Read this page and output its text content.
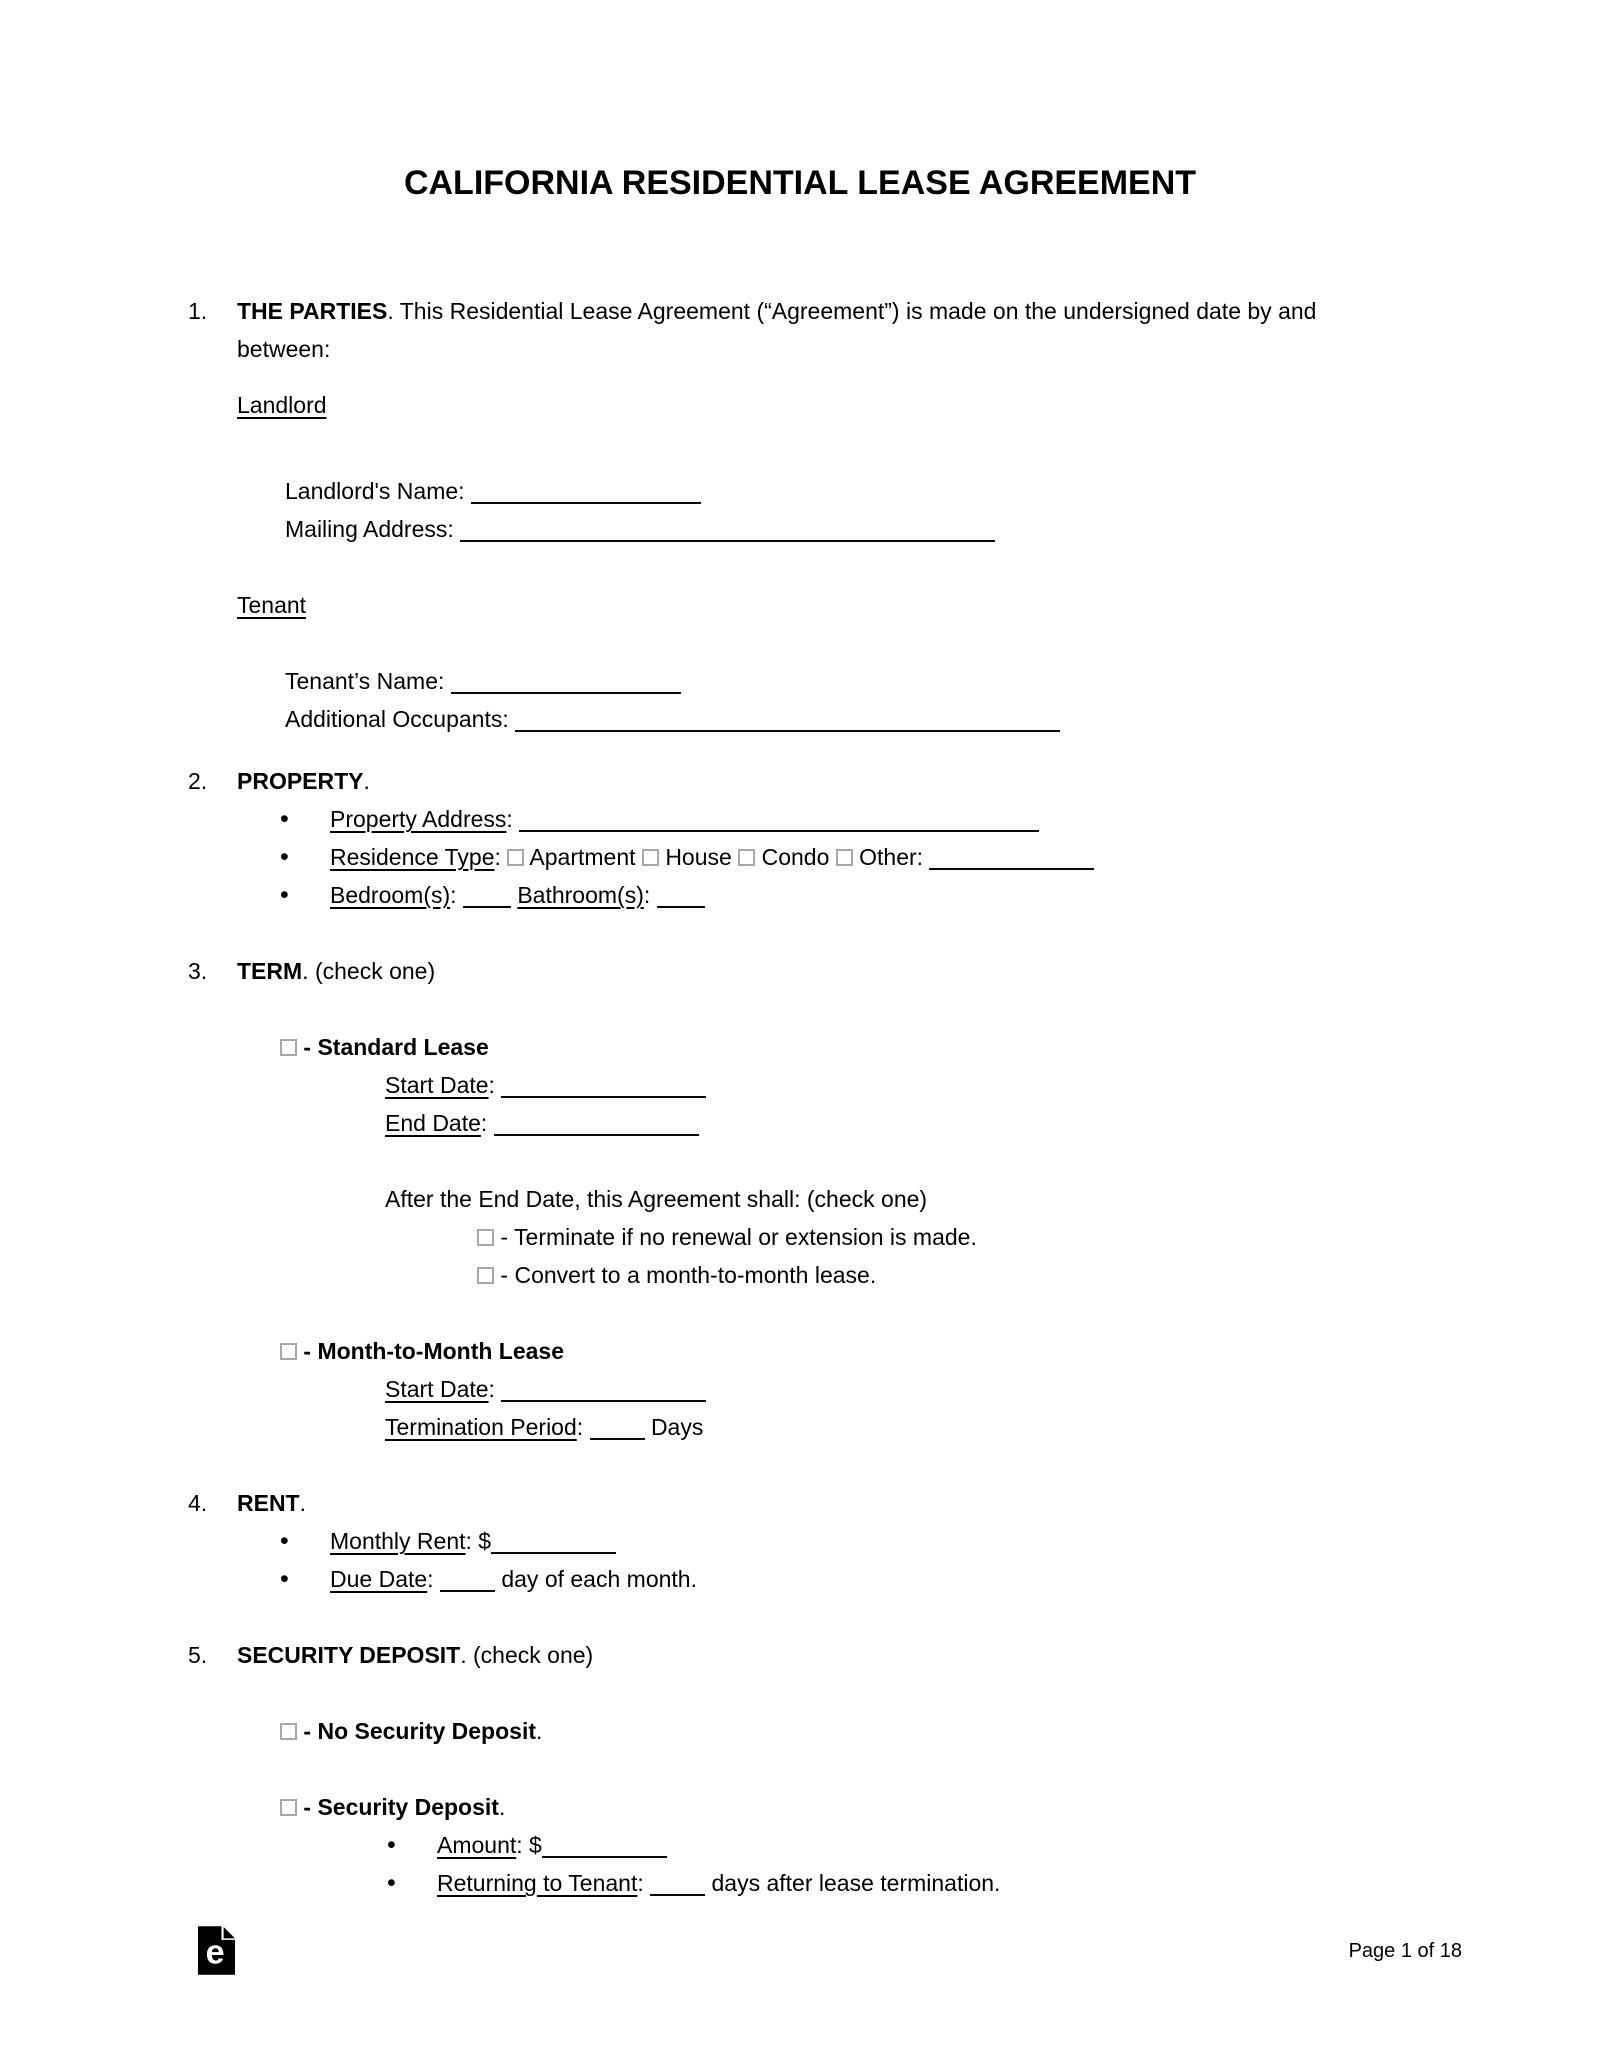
CALIFORNIA RESIDENTIAL LEASE AGREEMENT
1.	THE PARTIES. This Residential Lease Agreement (“Agreement”) is made on the undersigned date by and between:

Landlord

Landlord's Name:

Mailing Address:

Tenant

Tenant’s Name:

Additional Occupants:

2.	PROPERTY.

• Property Address:

• Residence Type: Apartment House Condo Other:

• Bedroom(s):	Bathroom(s):

3.	TERM. (check one)

- Standard Lease

Start Date:

End Date:

After the End Date, this Agreement shall: (check one)

- Terminate if no renewal or extension is made.

- Convert to a month-to-month lease.

- Month-to-Month Lease

Start Date:

Termination Period:	Days

4.	RENT.

• Monthly Rent: $

• Due Date:	day of each month.

5.	SECURITY DEPOSIT. (check one)

- No Security Deposit.

- Security Deposit.

• Amount: $

• Returning to Tenant:	days after lease termination.

e	Page 1 of 18
